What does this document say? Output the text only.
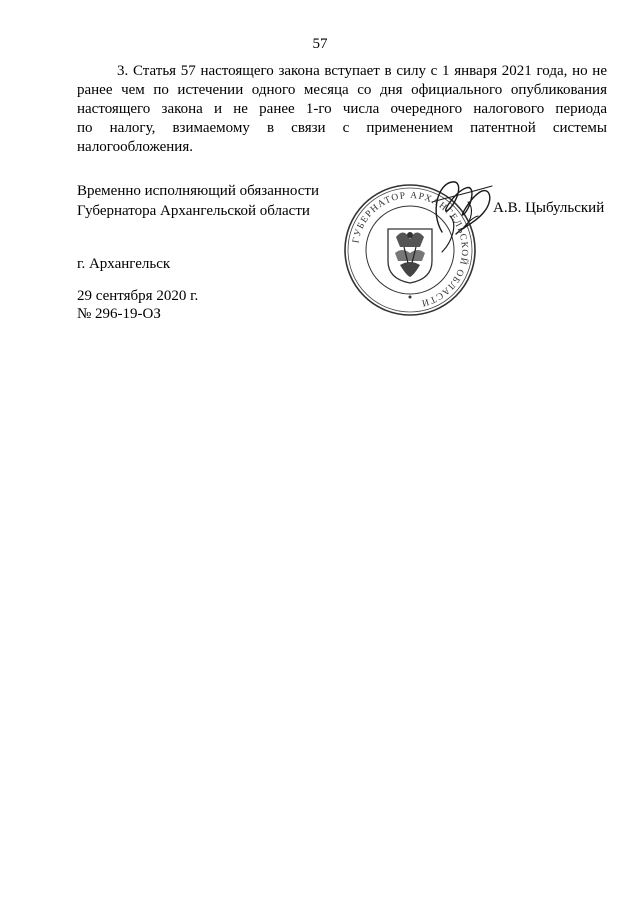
57
3. Статья 57 настоящего закона вступает в силу с 1 января 2021 года, но не
ранее чем по истечении одного месяца со дня официального опубликования
настоящего закона и не ранее 1-го числа очередного налогового периода
по налогу, взимаемому в связи с применением патентной системы
налогообложения.
Временно исполняющий обязанности
Губернатора Архангельской области
ГУБЕРНАТОР АРХАНГЕЛЬСКОЙ ОБЛАСТИ
А.В. Цыбульский
г. Архангельск
29 сентября 2020 г.
№ 296-19-ОЗ
